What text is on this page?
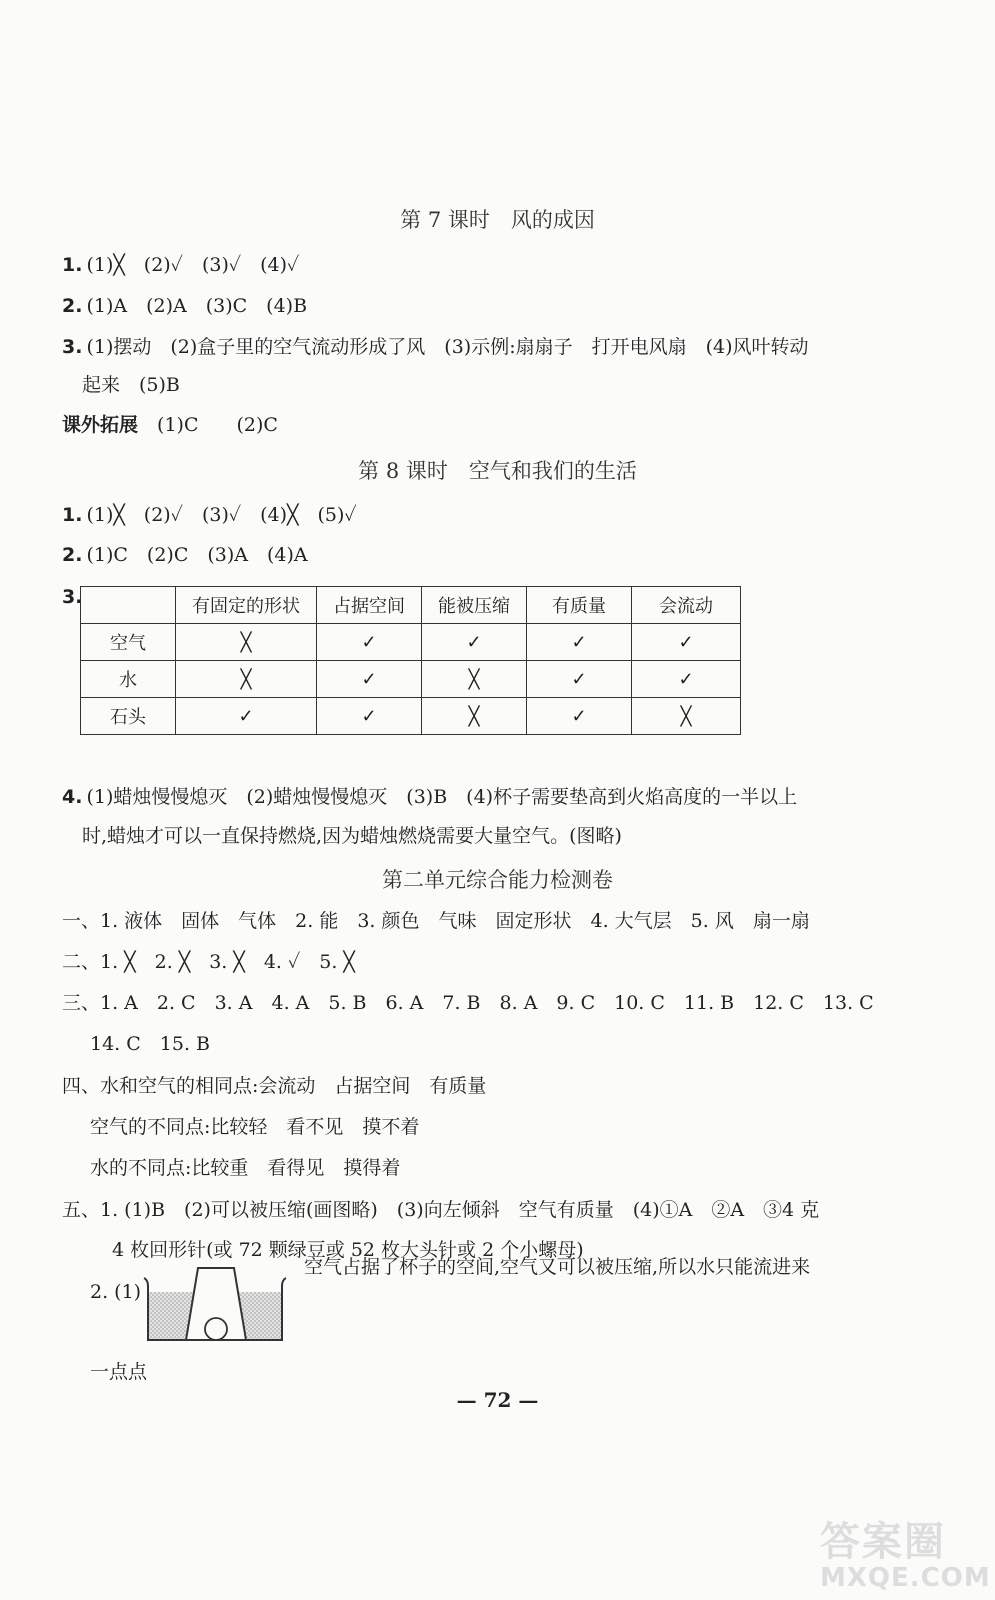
第 7 课时　风的成因
1. (1)╳　(2)✓　(3)✓　(4)✓
2. (1)A　(2)A　(3)C　(4)B
3. (1)摆动　(2)盒子里的空气流动形成了风　(3)示例:扇扇子　打开电风扇　(4)风叶转动
起来　(5)B
课外拓展　 (1)C　　(2)C
第 8 课时　空气和我们的生活
1. (1)╳　(2)✓　(3)✓　(4)╳　(5)✓
2. (1)C　(2)C　(3)A　(4)A
3.
		有固定的形状	占据空间	能被压缩	有质量	会流动
空气	╳	✓	✓	✓	✓
水	╳	✓	╳	✓	✓
石头	✓	✓	╳	✓	╳
4. (1)蜡烛慢慢熄灭　(2)蜡烛慢慢熄灭　(3)B　(4)杯子需要垫高到火焰高度的一半以上
时,蜡烛才可以一直保持燃烧,因为蜡烛燃烧需要大量空气。(图略)
第二单元综合能力检测卷
一、1. 液体　固体　气体　2. 能　3. 颜色　气味　固定形状　4. 大气层　5. 风　扇一扇
二、1. ╳　2. ╳　3. ╳　4. ✓　5. ╳
三、1. A　2. C　3. A　4. A　5. B　6. A　7. B　8. A　9. C　10. C　11. B　12. C　13. C
14. C　15. B
四、水和空气的相同点:会流动　占据空间　有质量
空气的不同点:比较轻　看不见　摸不着
水的不同点:比较重　看得见　摸得着
五、1. (1)B　(2)可以被压缩(画图略)　(3)向左倾斜　空气有质量　(4)①A　②A　③4 克
4 枚回形针(或 72 颗绿豆或 52 枚大头针或 2 个小螺母)
2. (1)
空气占据了杯子的空间,空气又可以被压缩,所以水只能流进来
一点点
— 72 —
答案圈
MXQE.COM
